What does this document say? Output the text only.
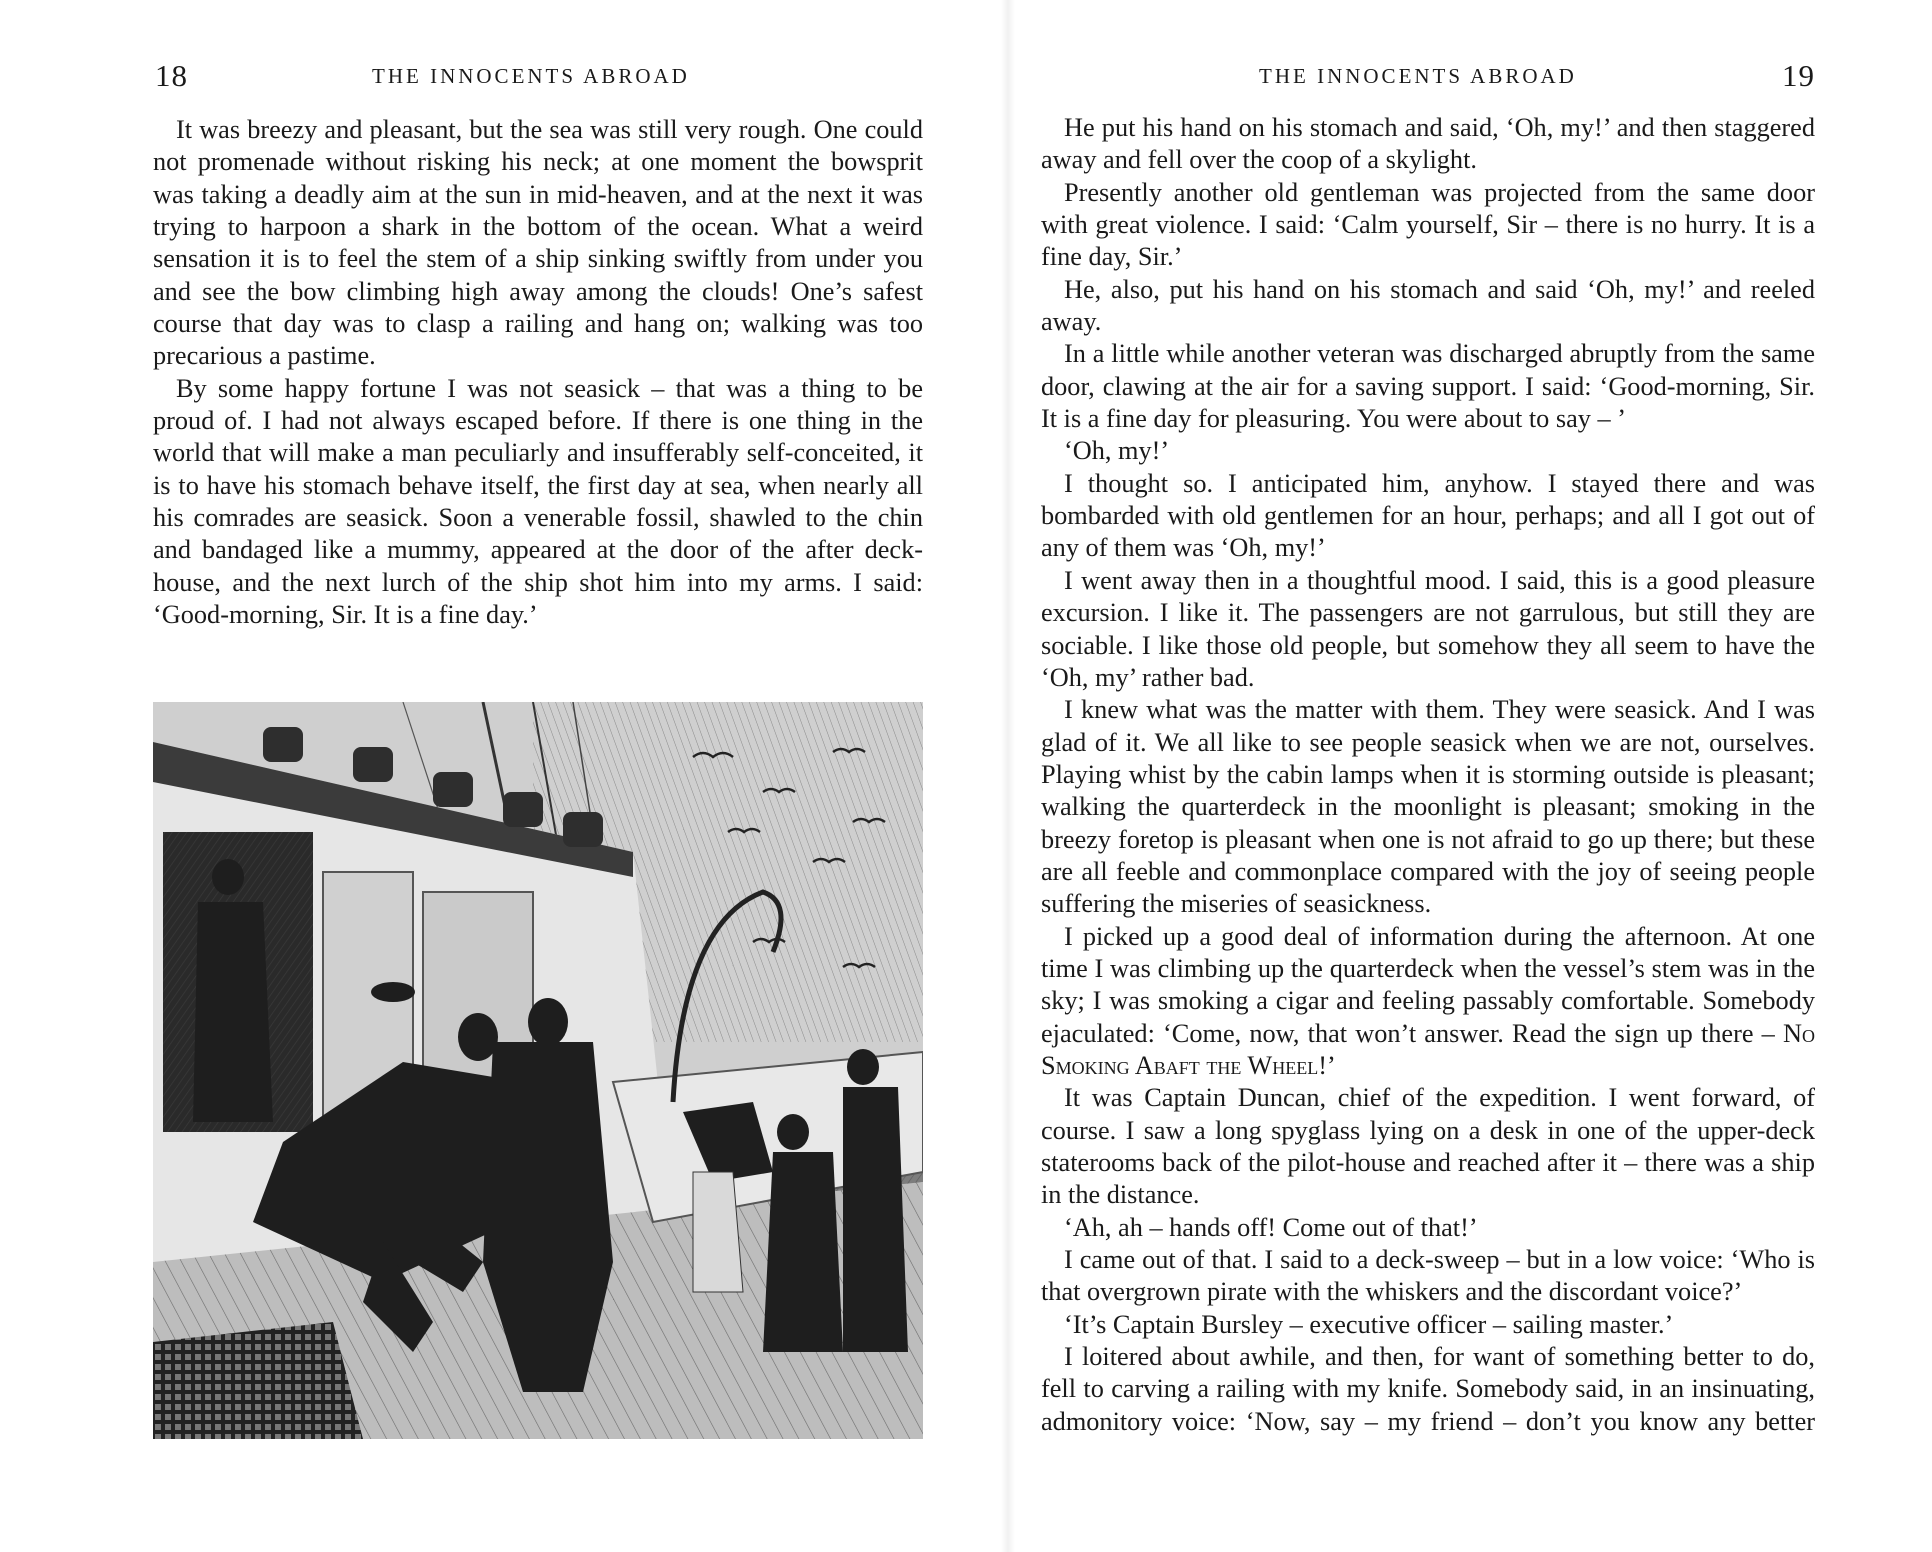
18	THE INNOCENTS ABROAD

It was breezy and pleasant, but the sea was still very rough. One could not promenade without risking his neck; at one moment the bowsprit was taking a deadly aim at the sun in mid-heaven, and at the next it was trying to harpoon a shark in the bottom of the ocean. What a weird sensation it is to feel the stem of a ship sinking swiftly from under you and see the bow climbing high away among the clouds! One’s safest course that day was to clasp a railing and hang on; walking was too precarious a pastime.

By some happy fortune I was not seasick – that was a thing to be proud of. I had not always escaped before. If there is one thing in the world that will make a man peculiarly and insufferably self-conceited, it is to have his stomach behave itself, the first day at sea, when nearly all his comrades are seasick. Soon a venerable fossil, shawled to the chin and bandaged like a mummy, appeared at the door of the after deck-house, and the next lurch of the ship shot him into my arms. I said: ‘Good-morning, Sir. It is a fine day.’

THE INNOCENTS ABROAD	19

He put his hand on his stomach and said, ‘Oh, my!’ and then staggered away and fell over the coop of a skylight.

Presently another old gentleman was projected from the same door with great violence. I said: ‘Calm yourself, Sir – there is no hurry. It is a fine day, Sir.’

He, also, put his hand on his stomach and said ‘Oh, my!’ and reeled away.

In a little while another veteran was discharged abruptly from the same door, clawing at the air for a saving support. I said: ‘Good-morning, Sir. It is a fine day for pleasuring. You were about to say – ’

‘Oh, my!’

I thought so. I anticipated him, anyhow. I stayed there and was bombarded with old gentlemen for an hour, perhaps; and all I got out of any of them was ‘Oh, my!’

I went away then in a thoughtful mood. I said, this is a good pleasure excursion. I like it. The passengers are not garrulous, but still they are sociable. I like those old people, but somehow they all seem to have the ‘Oh, my’ rather bad.

I knew what was the matter with them. They were seasick. And I was glad of it. We all like to see people seasick when we are not, ourselves. Playing whist by the cabin lamps when it is storming outside is pleasant; walking the quarterdeck in the moonlight is pleasant; smoking in the breezy foretop is pleasant when one is not afraid to go up there; but these are all feeble and commonplace compared with the joy of seeing people suffering the miseries of seasickness.

I picked up a good deal of information during the afternoon. At one time I was climbing up the quarterdeck when the vessel’s stem was in the sky; I was smoking a cigar and feeling passably comfortable. Somebody ejaculated: ‘Come, now, that won’t answer. Read the sign up there – No Smoking Abaft the Wheel!’

It was Captain Duncan, chief of the expedition. I went forward, of course. I saw a long spyglass lying on a desk in one of the upper-deck staterooms back of the pilot-house and reached after it – there was a ship in the distance.

‘Ah, ah – hands off! Come out of that!’

I came out of that. I said to a deck-sweep – but in a low voice: ‘Who is that overgrown pirate with the whiskers and the discordant voice?’

‘It’s Captain Bursley – executive officer – sailing master.’

I loitered about awhile, and then, for want of something better to do, fell to carving a railing with my knife. Somebody said, in an insinuating, admonitory voice: ‘Now, say – my friend – don’t you know any better
